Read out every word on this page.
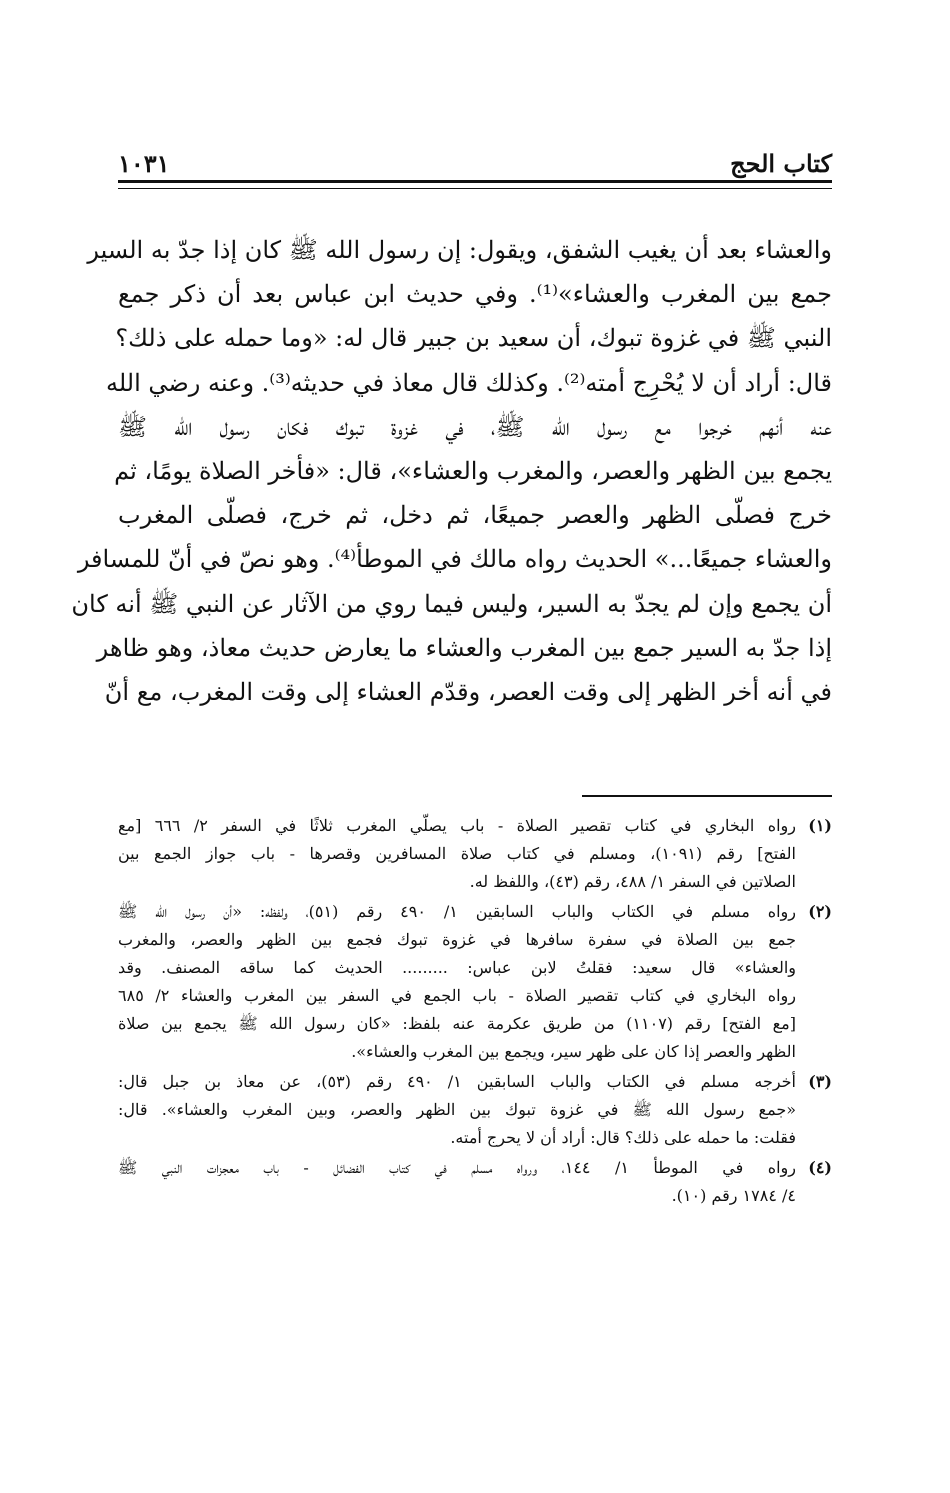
كتاب الحج
١٠٣١
والعشاء بعد أن يغيب الشفق، ويقول: إن رسول الله ﷺ كان إذا جدّ به السير
جمع بين المغرب والعشاء»⁽¹⁾. وفي حديث ابن عباس بعد أن ذكر جمع
النبي ﷺ في غزوة تبوك، أن سعيد بن جبير قال له: «وما حمله على ذلك؟
قال: أراد أن لا يُحْرِج أمته⁽²⁾. وكذلك قال معاذ في حديثه⁽³⁾. وعنه رضي الله
عنه أنهم خرجوا مع رسول الله ﷺ، في غزوة تبوك فكان رسول الله ﷺ
يجمع بين الظهر والعصر، والمغرب والعشاء»، قال: «فأخر الصلاة يومًا، ثم
خرج فصلّى الظهر والعصر جميعًا، ثم دخل، ثم خرج، فصلّى المغرب
والعشاء جميعًا...» الحديث رواه مالك في الموطأ⁽⁴⁾. وهو نصّ في أنّ للمسافر
أن يجمع وإن لم يجدّ به السير، وليس فيما روي من الآثار عن النبي ﷺ أنه كان
إذا جدّ به السير جمع بين المغرب والعشاء ما يعارض حديث معاذ، وهو ظاهر
في أنه أخر الظهر إلى وقت العصر، وقدّم العشاء إلى وقت المغرب، مع أنّ
(١)
رواه البخاري في كتاب تقصير الصلاة - باب يصلّي المغرب ثلاثًا في السفر ٢/ ٦٦٦ [مع
الفتح] رقم (١٠٩١)، ومسلم في كتاب صلاة المسافرين وقصرها - باب جواز الجمع بين
الصلاتين في السفر ١/ ٤٨٨، رقم (٤٣)، واللفظ له.
(٢)
رواه مسلم في الكتاب والباب السابقين ١/ ٤٩٠ رقم (٥١)، ولفظه: «أن رسول الله ﷺ
جمع بين الصلاة في سفرة سافرها في غزوة تبوك فجمع بين الظهر والعصر، والمغرب
والعشاء» قال سعيد: فقلتُ لابن عباس: ......... الحديث كما ساقه المصنف. وقد
رواه البخاري في كتاب تقصير الصلاة - باب الجمع في السفر بين المغرب والعشاء ٢/ ٦٨٥
[مع الفتح] رقم (١١٠٧) من طريق عكرمة عنه بلفظ: «كان رسول الله ﷺ يجمع بين صلاة
الظهر والعصر إذا كان على ظهر سير، ويجمع بين المغرب والعشاء».
(٣)
أخرجه مسلم في الكتاب والباب السابقين ١/ ٤٩٠ رقم (٥٣)، عن معاذ بن جبل قال:
«جمع رسول الله ﷺ في غزوة تبوك بين الظهر والعصر، وبين المغرب والعشاء». قال:
فقلت: ما حمله على ذلك؟ قال: أراد أن لا يحرج أمته.
(٤)
رواه في الموطأ ١/ ١٤٤، ورواه مسلم في كتاب الفضائل - باب معجزات النبي ﷺ
٤/ ١٧٨٤ رقم (١٠).
